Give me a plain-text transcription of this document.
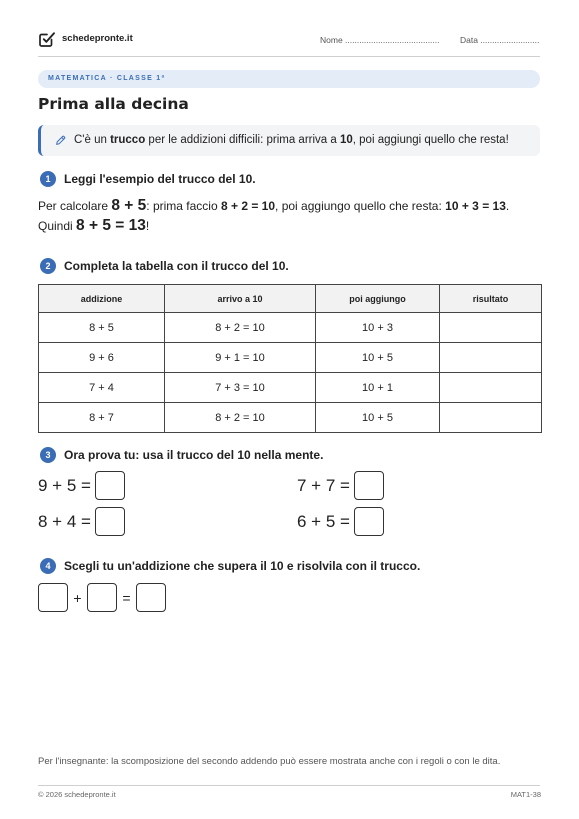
schedepronte.it	Nome ........................................ Data .........................
MATEMATICA · CLASSE 1ª
Prima alla decina
C'è un trucco per le addizioni difficili: prima arriva a 10, poi aggiungi quello che resta!
1	Leggi l'esempio del trucco del 10.
Per calcolare 8 + 5: prima faccio 8 + 2 = 10, poi aggiungo quello che resta: 10 + 3 = 13.
Quindi 8 + 5 = 13!
2	Completa la tabella con il trucco del 10.
addizione	arrivo a 10	poi aggiungo	risultato
8 + 5	8 + 2 = 10	10 + 3	
9 + 6	9 + 1 = 10	10 + 5	
7 + 4	7 + 3 = 10	10 + 1	
8 + 7	8 + 2 = 10	10 + 5	
3	Ora prova tu: usa il trucco del 10 nella mente.
9 + 5 =	7 + 7 =
8 + 4 =	6 + 5 =
4	Scegli tu un'addizione che supera il 10 e risolvila con il trucco.
+	=
Per l'insegnante: la scomposizione del secondo addendo può essere mostrata anche con i regoli o con le dita.
© 2026 schedepronte.it	MAT1-38
